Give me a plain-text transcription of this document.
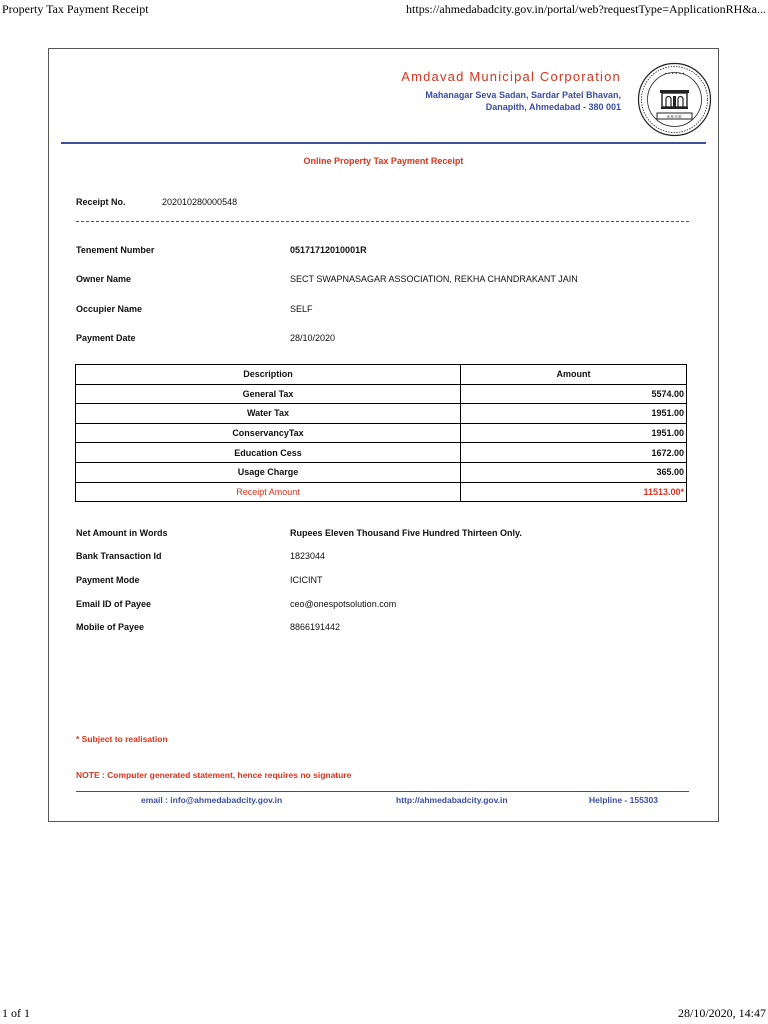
Property Tax Payment Receipt	https://ahmedabadcity.gov.in/portal/web?requestType=ApplicationRH&a...
1 of 1	28/10/2020, 14:47
Amdavad Municipal Corporation
Mahanagar Seva Sadan, Sardar Patel Bhavan,
Danapith, Ahmedabad - 380 001
अ.म.न.पा.
• • • • • •
Online Property Tax Payment Receipt
Receipt No.	202010280000548
Tenement Number	05171712010001R
Owner Name	SECT SWAPNASAGAR ASSOCIATION, REKHA CHANDRAKANT JAIN
Occupier Name	SELF
Payment Date	28/10/2020
Description	Amount
General Tax	5574.00
Water Tax	1951.00
ConservancyTax	1951.00
Education Cess	1672.00
Usage Charge	365.00
Receipt Amount	11513.00*
Net Amount in Words	Rupees Eleven Thousand Five Hundred Thirteen Only.
Bank Transaction Id	1823044
Payment Mode	ICICINT
Email ID of Payee	ceo@onespotsolution.com
Mobile of Payee	8866191442
* Subject to realisation
NOTE : Computer generated statement, hence requires no signature
email : info@ahmedabadcity.gov.in	http://ahmedabadcity.gov.in	Helpline - 155303
